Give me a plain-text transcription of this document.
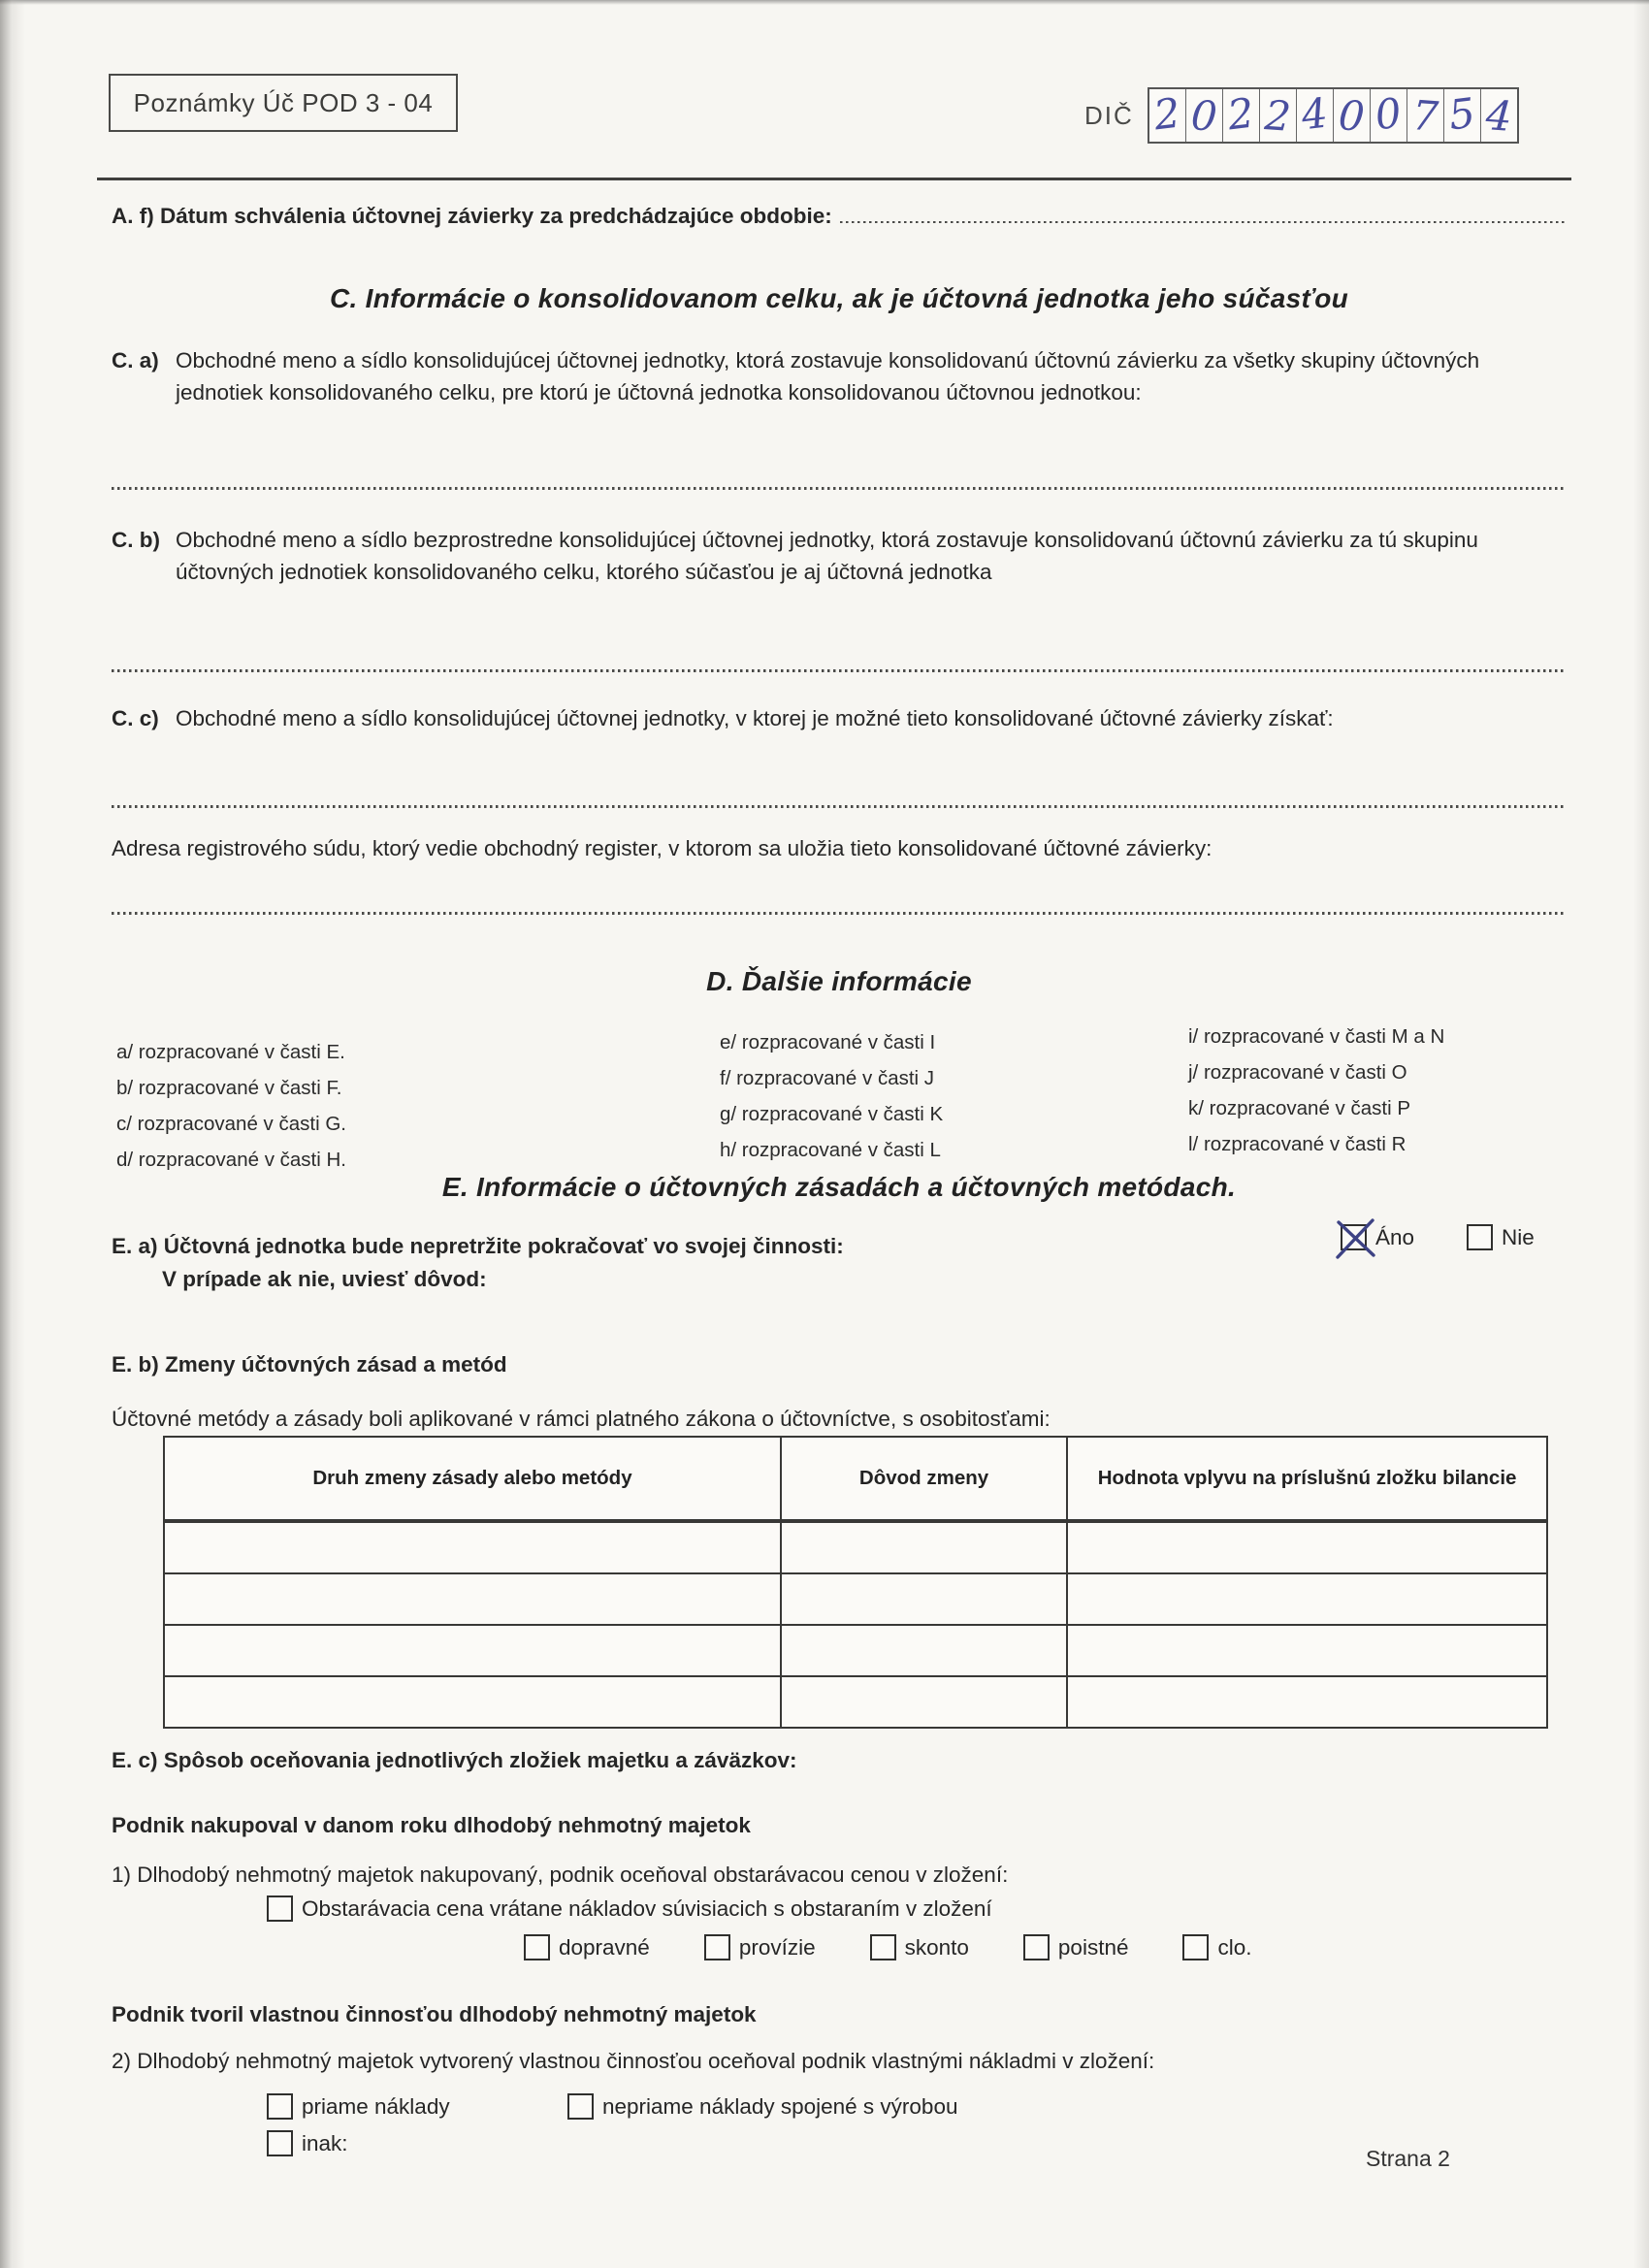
Poznámky Úč POD 3 - 04	DIČ 2 0 2 2 4 0 0 7 5 4
A. f) Dátum schválenia účtovnej závierky za predchádzajúce obdobie:
C. Informácie o konsolidovanom celku, ak je účtovná jednotka jeho súčasťou
C. a) Obchodné meno a sídlo konsolidujúcej účtovnej jednotky, ktorá zostavuje konsolidovanú účtovnú závierku za všetky skupiny účtovných jednotiek konsolidovaného celku, pre ktorú je účtovná jednotka konsolidovanou účtovnou jednotkou:
C. b) Obchodné meno a sídlo bezprostredne konsolidujúcej účtovnej jednotky, ktorá zostavuje konsolidovanú účtovnú závierku za tú skupinu účtovných jednotiek konsolidovaného celku, ktorého súčasťou je aj účtovná jednotka
C. c) Obchodné meno a sídlo konsolidujúcej účtovnej jednotky, v ktorej je možné tieto konsolidované účtovné závierky získať:
Adresa registrového súdu, ktorý vedie obchodný register, v ktorom sa uložia tieto konsolidované účtovné závierky:
D. Ďalšie informácie
a/ rozpracované v časti E.
b/ rozpracované v časti F.
c/ rozpracované v časti G.
d/ rozpracované v časti H.
e/ rozpracované v časti I
f/ rozpracované v časti J
g/ rozpracované v časti K
h/ rozpracované v časti L
i/ rozpracované v časti M a N
j/ rozpracované v časti O
k/ rozpracované v časti P
l/ rozpracované v časti R
E. Informácie o účtovných zásadách a účtovných metódach.
E. a) Účtovná jednotka bude nepretržite pokračovať vo svojej činnosti:	Áno	Nie
V prípade ak nie, uviesť dôvod:
E. b) Zmeny účtovných zásad a metód
Účtovné metódy a zásady boli aplikované v rámci platného zákona o účtovníctve, s osobitosťami:
Druh zmeny zásady alebo metódy	Dôvod zmeny	Hodnota vplyvu na príslušnú zložku bilancie

E. c) Spôsob oceňovania jednotlivých zložiek majetku a záväzkov:
Podnik nakupoval v danom roku dlhodobý nehmotný majetok
1) Dlhodobý nehmotný majetok nakupovaný, podnik oceňoval obstarávacou cenou v zložení:
Obstarávacia cena vrátane nákladov súvisiacich s obstaraním v zložení
dopravné	provízie	skonto	poistné	clo.
Podnik tvoril vlastnou činnosťou dlhodobý nehmotný majetok
2) Dlhodobý nehmotný majetok vytvorený vlastnou činnosťou oceňoval podnik vlastnými nákladmi v zložení:
priame náklady	nepriame náklady spojené s výrobou
inak:
Strana 2
